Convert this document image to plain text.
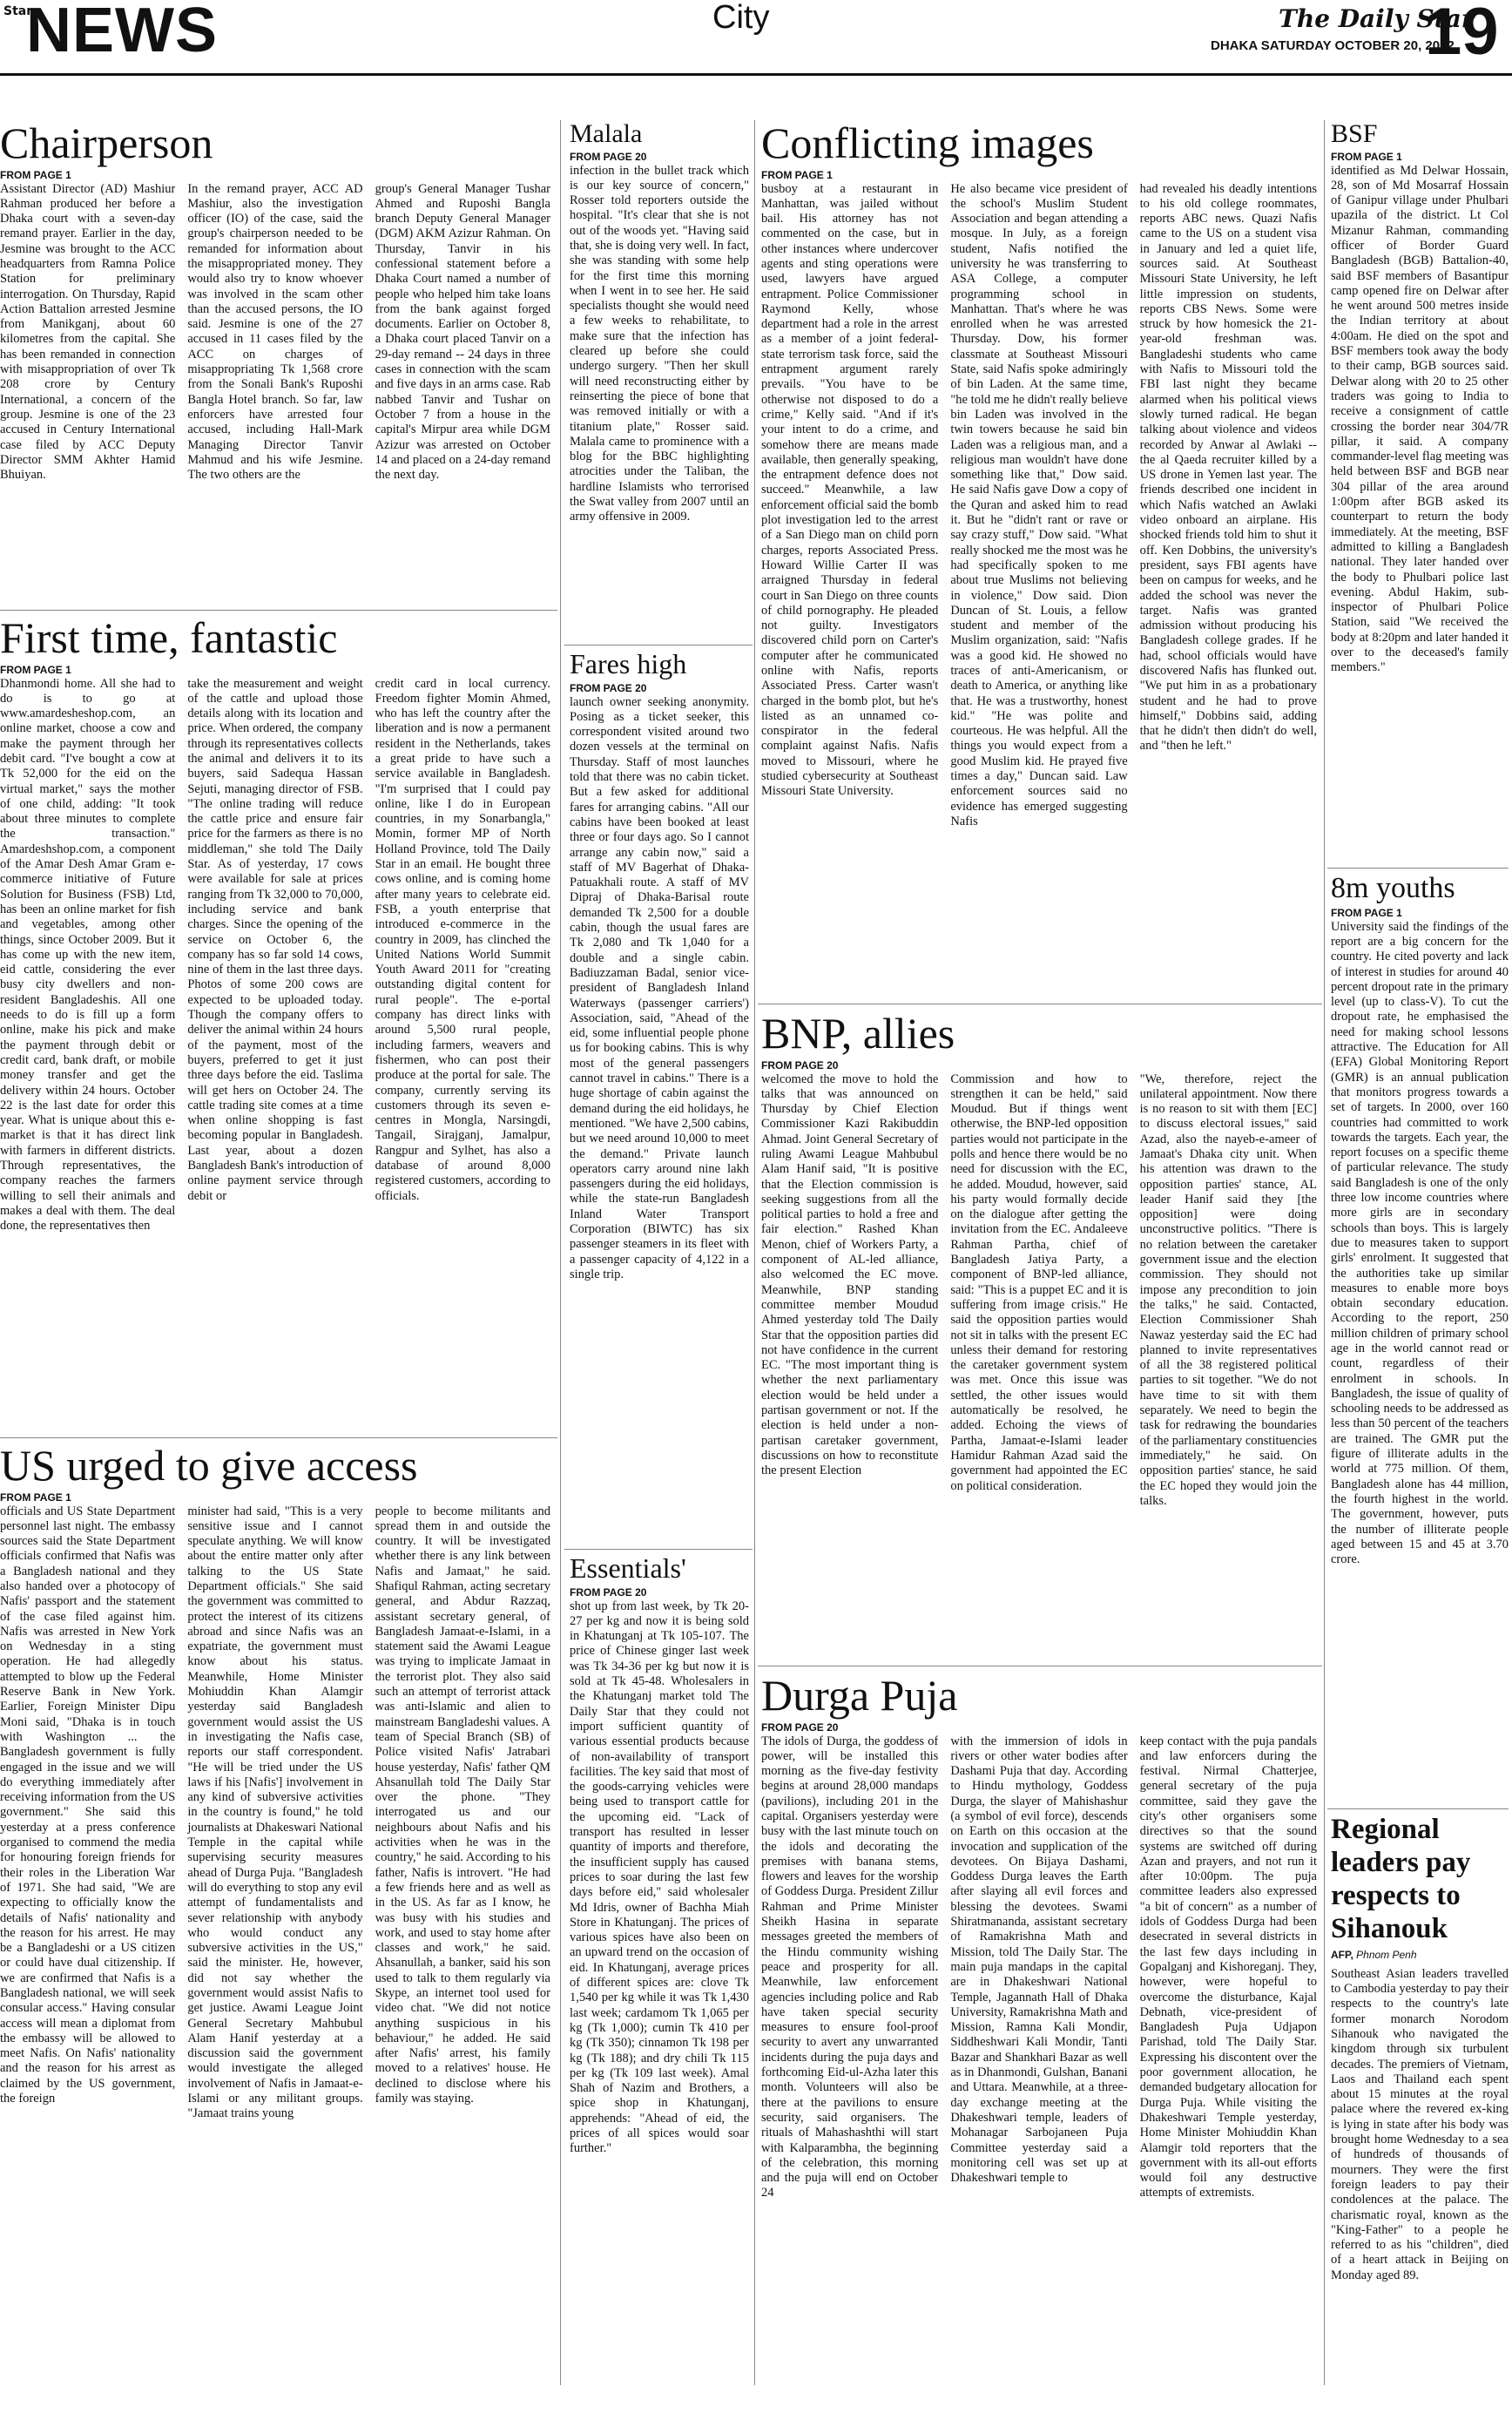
Star
NEWS	City	The Daily Star
DHAKA SATURDAY OCTOBER 20, 2012
19
Chairperson
FROM PAGE 1

Assistant Director (AD) Mashiur Rahman produced her before a Dhaka court with a seven-day remand prayer. Earlier in the day, Jesmine was brought to the ACC headquarters from Ramna Police Station for preliminary interrogation. On Thursday, Rapid Action Battalion arrested Jesmine from Manikganj, about 60 kilometres from the capital. She has been remanded in connection with misappropriation of over Tk 208 crore by Century International, a concern of the group. Jesmine is one of the 23 accused in Century International case filed by ACC Deputy Director SMM Akhter Hamid Bhuiyan.

In the remand prayer, ACC AD Mashiur, also the investigation officer (IO) of the case, said the group's chairperson needed to be remanded for information about the misappropriated money. They would also try to know whoever was involved in the scam other than the accused persons, the IO said. Jesmine is one of the 27 accused in 11 cases filed by the ACC on charges of misappropriating Tk 1,568 crore from the Sonali Bank's Ruposhi Bangla Hotel branch. So far, law enforcers have arrested four accused, including Hall-Mark Managing Director Tanvir Mahmud and his wife Jesmine. The two others are the

group's General Manager Tushar Ahmed and Ruposhi Bangla branch Deputy General Manager (DGM) AKM Azizur Rahman. On Thursday, Tanvir in his confessional statement before a Dhaka Court named a number of people who helped him take loans from the bank against forged documents. Earlier on October 8, a Dhaka court placed Tanvir on a 29-day remand -- 24 days in three cases in connection with the scam and five days in an arms case. Rab nabbed Tanvir and Tushar on October 7 from a house in the capital's Mirpur area while DGM Azizur was arrested on October 14 and placed on a 24-day remand the next day.

First time, fantastic
FROM PAGE 1

Dhanmondi home. All she had to do is to go at www.amardesheshop.com, an online market, choose a cow and make the payment through her debit card. "I've bought a cow at Tk 52,000 for the eid on the virtual market," says the mother of one child, adding: "It took about three minutes to complete the transaction." Amardeshshop.com, a component of the Amar Desh Amar Gram e-commerce initiative of Future Solution for Business (FSB) Ltd, has been an online market for fish and vegetables, among other things, since October 2009. But it has come up with the new item, eid cattle, considering the ever busy city dwellers and non-resident Bangladeshis. All one needs to do is fill up a form online, make his pick and make the payment through debit or credit card, bank draft, or mobile money transfer and get the delivery within 24 hours. October 22 is the last date for order this year. What is unique about this e-market is that it has direct link with farmers in different districts. Through representatives, the company reaches the farmers willing to sell their animals and makes a deal with them. The deal done, the representatives then

take the measurement and weight of the cattle and upload those details along with its location and price. When ordered, the company through its representatives collects the animal and delivers it to its buyers, said Sadequa Hassan Sejuti, managing director of FSB. "The online trading will reduce the cattle price and ensure fair price for the farmers as there is no middleman," she told The Daily Star. As of yesterday, 17 cows were available for sale at prices ranging from Tk 32,000 to 70,000, including service and bank charges. Since the opening of the service on October 6, the company has so far sold 14 cows, nine of them in the last three days. Photos of some 200 cows are expected to be uploaded today. Though the company offers to deliver the animal within 24 hours of the payment, most of the buyers, preferred to get it just three days before the eid. Taslima will get hers on October 24. The cattle trading site comes at a time when online shopping is fast becoming popular in Bangladesh. Last year, about a dozen Bangladesh Bank's introduction of online payment service through debit or

credit card in local currency. Freedom fighter Momin Ahmed, who has left the country after the liberation and is now a permanent resident in the Netherlands, takes a great pride to have such a service available in Bangladesh. "I'm surprised that I could pay online, like I do in European countries, in my Sonarbangla," Momin, former MP of North Holland Province, told The Daily Star in an email. He bought three cows online, and is coming home after many years to celebrate eid. FSB, a youth enterprise that introduced e-commerce in the country in 2009, has clinched the United Nations World Summit Youth Award 2011 for "creating outstanding digital content for rural people". The e-portal company has direct links with around 5,500 rural people, including farmers, weavers and fishermen, who can post their produce at the portal for sale. The company, currently serving its customers through its seven e-centres in Mongla, Narsingdi, Tangail, Sirajganj, Jamalpur, Rangpur and Sylhet, has also a database of around 8,000 registered customers, according to officials.

US urged to give access
FROM PAGE 1

officials and US State Department personnel last night. The embassy sources said the State Department officials confirmed that Nafis was a Bangladesh national and they also handed over a photocopy of Nafis' passport and the statement of the case filed against him. Nafis was arrested in New York on Wednesday in a sting operation. He had allegedly attempted to blow up the Federal Reserve Bank in New York. Earlier, Foreign Minister Dipu Moni said, "Dhaka is in touch with Washington ... the Bangladesh government is fully engaged in the issue and we will do everything immediately after receiving information from the US government." She said this yesterday at a press conference organised to commend the media for honouring foreign friends for their roles in the Liberation War of 1971. She had said, "We are expecting to officially know the details of Nafis' nationality and the reason for his arrest. He may be a Bangladeshi or a US citizen or could have dual citizenship. If we are confirmed that Nafis is a Bangladesh national, we will seek consular access." Having consular access will mean a diplomat from the embassy will be allowed to meet Nafis. On Nafis' nationality and the reason for his arrest as claimed by the US government, the foreign

minister had said, "This is a very sensitive issue and I cannot speculate anything. We will know about the entire matter only after talking to the US State Department officials." She said the government was committed to protect the interest of its citizens abroad and since Nafis was an expatriate, the government must know about his status. Meanwhile, Home Minister Mohiuddin Khan Alamgir yesterday said Bangladesh government would assist the US in investigating the Nafis case, reports our staff correspondent. "He will be tried under the US laws if his [Nafis'] involvement in any kind of subversive activities in the country is found," he told journalists at Dhakeswari National Temple in the capital while supervising security measures ahead of Durga Puja. "Bangladesh will do everything to stop any evil attempt of fundamentalists and sever relationship with anybody who would conduct any subversive activities in the US," said the minister. He, however, did not say whether the government would assist Nafis to get justice. Awami League Joint General Secretary Mahbubul Alam Hanif yesterday at a discussion said the government would investigate the alleged involvement of Nafis in Jamaat-e-Islami or any militant groups. "Jamaat trains young

people to become militants and spread them in and outside the country. It will be investigated whether there is any link between Nafis and Jamaat," he said. Shafiqul Rahman, acting secretary general, and Abdur Razzaq, assistant secretary general, of Bangladesh Jamaat-e-Islami, in a statement said the Awami League was trying to implicate Jamaat in the terrorist plot. They also said such an attempt of terrorist attack was anti-Islamic and alien to mainstream Bangladeshi values. A team of Special Branch (SB) of Police visited Nafis' Jatrabari house yesterday, Nafis' father QM Ahsanullah told The Daily Star over the phone. "They interrogated us and our neighbours about Nafis and his activities when he was in the country," he said. According to his father, Nafis is introvert. "He had a few friends here and as well as in the US. As far as I know, he was busy with his studies and work, and used to stay home after classes and work," he said. Ahsanullah, a banker, said his son used to talk to them regularly via Skype, an internet tool used for video chat. "We did not notice anything suspicious in his behaviour," he added. He said after Nafis' arrest, his family moved to a relatives' house. He declined to disclose where his family was staying.

Malala
FROM PAGE 20

infection in the bullet track which is our key source of concern," Rosser told reporters outside the hospital. "It's clear that she is not out of the woods yet. "Having said that, she is doing very well. In fact, she was standing with some help for the first time this morning when I went in to see her. He said specialists thought she would need a few weeks to rehabilitate, to make sure that the infection has cleared up before she could undergo surgery. "Then her skull will need reconstructing either by reinserting the piece of bone that was removed initially or with a titanium plate," Rosser said. Malala came to prominence with a blog for the BBC highlighting atrocities under the Taliban, the hardline Islamists who terrorised the Swat valley from 2007 until an army offensive in 2009.

Fares high
FROM PAGE 20

launch owner seeking anonymity. Posing as a ticket seeker, this correspondent visited around two dozen vessels at the terminal on Thursday. Staff of most launches told that there was no cabin ticket. But a few asked for additional fares for arranging cabins. "All our cabins have been booked at least three or four days ago. So I cannot arrange any cabin now," said a staff of MV Bagerhat of Dhaka-Patuakhali route. A staff of MV Dipraj of Dhaka-Barisal route demanded Tk 2,500 for a double cabin, though the usual fares are Tk 2,080 and Tk 1,040 for a double and a single cabin. Badiuzzaman Badal, senior vice-president of Bangladesh Inland Waterways (passenger carriers') Association, said, "Ahead of the eid, some influential people phone us for booking cabins. This is why most of the general passengers cannot travel in cabins." There is a huge shortage of cabin against the demand during the eid holidays, he mentioned. "We have 2,500 cabins, but we need around 10,000 to meet the demand." Private launch operators carry around nine lakh passengers during the eid holidays, while the state-run Bangladesh Inland Water Transport Corporation (BIWTC) has six passenger steamers in its fleet with a passenger capacity of 4,122 in a single trip.

Essentials'
FROM PAGE 20

shot up from last week, by Tk 20-27 per kg and now it is being sold in Khatunganj at Tk 105-107. The price of Chinese ginger last week was Tk 34-36 per kg but now it is sold at Tk 45-48. Wholesalers in the Khatunganj market told The Daily Star that they could not import sufficient quantity of various essential products because of non-availability of transport facilities. The key said that most of the goods-carrying vehicles were being used to transport cattle for the upcoming eid. "Lack of transport has resulted in lesser quantity of imports and therefore, the insufficient supply has caused prices to soar during the last few days before eid," said wholesaler Md Idris, owner of Bachha Miah Store in Khatunganj. The prices of various spices have also been on an upward trend on the occasion of eid. In Khatunganj, average prices of different spices are: clove Tk 1,540 per kg while it was Tk 1,430 last week; cardamom Tk 1,065 per kg (Tk 1,000); cumin Tk 410 per kg (Tk 350); cinnamon Tk 198 per kg (Tk 188); and dry chili Tk 115 per kg (Tk 109 last week). Amal Shah of Nazim and Brothers, a spice shop in Khatunganj, apprehends: "Ahead of eid, the prices of all spices would soar further."

Conflicting images
FROM PAGE 1

busboy at a restaurant in Manhattan, was jailed without bail. His attorney has not commented on the case, but in other instances where undercover agents and sting operations were used, lawyers have argued entrapment. Police Commissioner Raymond Kelly, whose department had a role in the arrest as a member of a joint federal-state terrorism task force, said the entrapment argument rarely prevails. "You have to be otherwise not disposed to do a crime," Kelly said. "And if it's your intent to do a crime, and somehow there are means made available, then generally speaking, the entrapment defence does not succeed." Meanwhile, a law enforcement official said the bomb plot investigation led to the arrest of a San Diego man on child porn charges, reports Associated Press. Howard Willie Carter II was arraigned Thursday in federal court in San Diego on three counts of child pornography. He pleaded not guilty. Investigators discovered child porn on Carter's computer after he communicated online with Nafis, reports Associated Press. Carter wasn't charged in the bomb plot, but he's listed as an unnamed co-conspirator in the federal complaint against Nafis. Nafis moved to Missouri, where he studied cybersecurity at Southeast Missouri State University.

He also became vice president of the school's Muslim Student Association and began attending a mosque. In July, as a foreign student, Nafis notified the university he was transferring to ASA College, a computer programming school in Manhattan. That's where he was enrolled when he was arrested Thursday. Dow, his former classmate at Southeast Missouri State, said Nafis spoke admiringly of bin Laden. At the same time, "he told me he didn't really believe bin Laden was involved in the twin towers because he said bin Laden was a religious man, and a religious man wouldn't have done something like that," Dow said. He said Nafis gave Dow a copy of the Quran and asked him to read it. But he "didn't rant or rave or say crazy stuff," Dow said. "What really shocked me the most was he had specifically spoken to me about true Muslims not believing in violence," Dow said. Dion Duncan of St. Louis, a fellow student and member of the Muslim organization, said: "Nafis was a good kid. He showed no traces of anti-Americanism, or death to America, or anything like that. He was a trustworthy, honest kid." "He was polite and courteous. He was helpful. All the things you would expect from a good Muslim kid. He prayed five times a day," Duncan said. Law enforcement sources said no evidence has emerged suggesting Nafis

had revealed his deadly intentions to his old college roommates, reports ABC news. Quazi Nafis came to the US on a student visa in January and led a quiet life, sources said. At Southeast Missouri State University, he left little impression on students, reports CBS News. Some were struck by how homesick the 21-year-old freshman was. Bangladeshi students who came with Nafis to Missouri told the FBI last night they became alarmed when his political views slowly turned radical. He began talking about violence and videos recorded by Anwar al Awlaki -- the al Qaeda recruiter killed by a US drone in Yemen last year. The friends described one incident in which Nafis watched an Awlaki video onboard an airplane. His shocked friends told him to shut it off. Ken Dobbins, the university's president, says FBI agents have been on campus for weeks, and he added the school was never the target. Nafis was granted admission without producing his Bangladesh college grades. If he had, school officials would have discovered Nafis has flunked out. "We put him in as a probationary student and he had to prove himself," Dobbins said, adding that he didn't then didn't do well, and "then he left."

BNP, allies
FROM PAGE 20

welcomed the move to hold the talks that was announced on Thursday by Chief Election Commissioner Kazi Rakibuddin Ahmad. Joint General Secretary of ruling Awami League Mahbubul Alam Hanif said, "It is positive that the Election commission is seeking suggestions from all the political parties to hold a free and fair election." Rashed Khan Menon, chief of Workers Party, a component of AL-led alliance, also welcomed the EC move. Meanwhile, BNP standing committee member Moudud Ahmed yesterday told The Daily Star that the opposition parties did not have confidence in the current EC. "The most important thing is whether the next parliamentary election would be held under a partisan government or not. If the election is held under a non-partisan caretaker government, discussions on how to reconstitute the present Election

Commission and how to strengthen it can be held," said Moudud. But if things went otherwise, the BNP-led opposition parties would not participate in the polls and hence there would be no need for discussion with the EC, he added. Moudud, however, said his party would formally decide on the dialogue after getting the invitation from the EC. Andaleeve Rahman Partha, chief of Bangladesh Jatiya Party, a component of BNP-led alliance, said: "This is a puppet EC and it is suffering from image crisis." He said the opposition parties would not sit in talks with the present EC unless their demand for restoring the caretaker government system was met. Once this issue was settled, the other issues would automatically be resolved, he added. Echoing the views of Partha, Jamaat-e-Islami leader Hamidur Rahman Azad said the government had appointed the EC on political consideration.

"We, therefore, reject the unilateral appointment. Now there is no reason to sit with them [EC] to discuss electoral issues," said Azad, also the nayeb-e-ameer of Jamaat's Dhaka city unit. When his attention was drawn to the opposition parties' stance, AL leader Hanif said they [the opposition] were doing unconstructive politics. "There is no relation between the caretaker government issue and the election commission. They should not impose any precondition to join the talks," he said. Contacted, Election Commissioner Shah Nawaz yesterday said the EC had planned to invite representatives of all the 38 registered political parties to sit together. "We do not have time to sit with them separately. We need to begin the task for redrawing the boundaries of the parliamentary constituencies immediately," he said. On opposition parties' stance, he said the EC hoped they would join the talks.

Durga Puja
FROM PAGE 20

The idols of Durga, the goddess of power, will be installed this morning as the five-day festivity begins at around 28,000 mandaps (pavilions), including 201 in the capital. Organisers yesterday were busy with the last minute touch on the idols and decorating the premises with banana stems, flowers and leaves for the worship of Goddess Durga. President Zillur Rahman and Prime Minister Sheikh Hasina in separate messages greeted the members of the Hindu community wishing peace and prosperity for all. Meanwhile, law enforcement agencies including police and Rab have taken special security measures to ensure fool-proof security to avert any unwarranted incidents during the puja days and forthcoming Eid-ul-Azha later this month. Volunteers will also be there at the pavilions to ensure security, said organisers. The rituals of Mahashashthi will start with Kalparambha, the beginning of the celebration, this morning and the puja will end on October 24

with the immersion of idols in rivers or other water bodies after Dashami Puja that day. According to Hindu mythology, Goddess Durga, the slayer of Mahishashur (a symbol of evil force), descends on Earth on this occasion at the invocation and supplication of the devotees. On Bijaya Dashami, Goddess Durga leaves the Earth after slaying all evil forces and blessing the devotees. Swami Shiratmananda, assistant secretary of Ramakrishna Math and Mission, told The Daily Star. The main puja mandaps in the capital are in Dhakeshwari National Temple, Jagannath Hall of Dhaka University, Ramakrishna Math and Mission, Ramna Kali Mondir, Siddheshwari Kali Mondir, Tanti Bazar and Shankhari Bazar as well as in Dhanmondi, Gulshan, Banani and Uttara. Meanwhile, at a three-day exchange meeting at the Dhakeshwari temple, leaders of Mohanagar Sarbojaneen Puja Committee yesterday said a monitoring cell was set up at Dhakeshwari temple to

keep contact with the puja pandals and law enforcers during the festival. Nirmal Chatterjee, general secretary of the puja committee, said they gave the city's other organisers some directives so that the sound systems are switched off during Azan and prayers, and not run it after 10:00pm. The puja committee leaders also expressed "a bit of concern" as a number of idols of Goddess Durga had been desecrated in several districts in the last few days including in Gopalganj and Kishoreganj. They, however, were hopeful to overcome the disturbance, Kajal Debnath, vice-president of Bangladesh Puja Udjapon Parishad, told The Daily Star. Expressing his discontent over the poor government allocation, he demanded budgetary allocation for Durga Puja. While visiting the Dhakeshwari Temple yesterday, Home Minister Mohiuddin Khan Alamgir told reporters that the government with its all-out efforts would foil any destructive attempts of extremists.

BSF
FROM PAGE 1

identified as Md Delwar Hossain, 28, son of Md Mosarraf Hossain of Ganipur village under Phulbari upazila of the district. Lt Col Mizanur Rahman, commanding officer of Border Guard Bangladesh (BGB) Battalion-40, said BSF members of Basantipur camp opened fire on Delwar after he went around 500 metres inside the Indian territory at about 4:00am. He died on the spot and BSF members took away the body to their camp, BGB sources said. Delwar along with 20 to 25 other traders was going to India to receive a consignment of cattle crossing the border near 304/7R pillar, it said. A company commander-level flag meeting was held between BSF and BGB near 304 pillar of the area around 1:00pm after BGB asked its counterpart to return the body immediately. At the meeting, BSF admitted to killing a Bangladesh national. They later handed over the body to Phulbari police last evening. Abdul Hakim, sub-inspector of Phulbari Police Station, said "We received the body at 8:20pm and later handed it over to the deceased's family members."

8m youths
FROM PAGE 1

University said the findings of the report are a big concern for the country. He cited poverty and lack of interest in studies for around 40 percent dropout rate in the primary level (up to class-V). To cut the dropout rate, he emphasised the need for making school lessons attractive. The Education for All (EFA) Global Monitoring Report (GMR) is an annual publication that monitors progress towards a set of targets. In 2000, over 160 countries had committed to work towards the targets. Each year, the report focuses on a specific theme of particular relevance. The study said Bangladesh is one of the only three low income countries where more girls are in secondary schools than boys. This is largely due to measures taken to support girls' enrolment. It suggested that the authorities take up similar measures to enable more boys obtain secondary education. According to the report, 250 million children of primary school age in the world cannot read or count, regardless of their enrolment in schools. In Bangladesh, the issue of quality of schooling needs to be addressed as less than 50 percent of the teachers are trained. The GMR put the figure of illiterate adults in the world at 775 million. Of them, Bangladesh alone has 44 million, the fourth highest in the world. The government, however, puts the number of illiterate people aged between 15 and 45 at 3.70 crore.

Regional leaders pay respects to Sihanouk
AFP, Phnom Penh

Southeast Asian leaders travelled to Cambodia yesterday to pay their respects to the country's late former monarch Norodom Sihanouk who navigated the kingdom through six turbulent decades. The premiers of Vietnam, Laos and Thailand each spent about 15 minutes at the royal palace where the revered ex-king is lying in state after his body was brought home Wednesday to a sea of hundreds of thousands of mourners. They were the first foreign leaders to pay their condolences at the palace. The charismatic royal, known as the "King-Father" to a people he referred to as his "children", died of a heart attack in Beijing on Monday aged 89.
